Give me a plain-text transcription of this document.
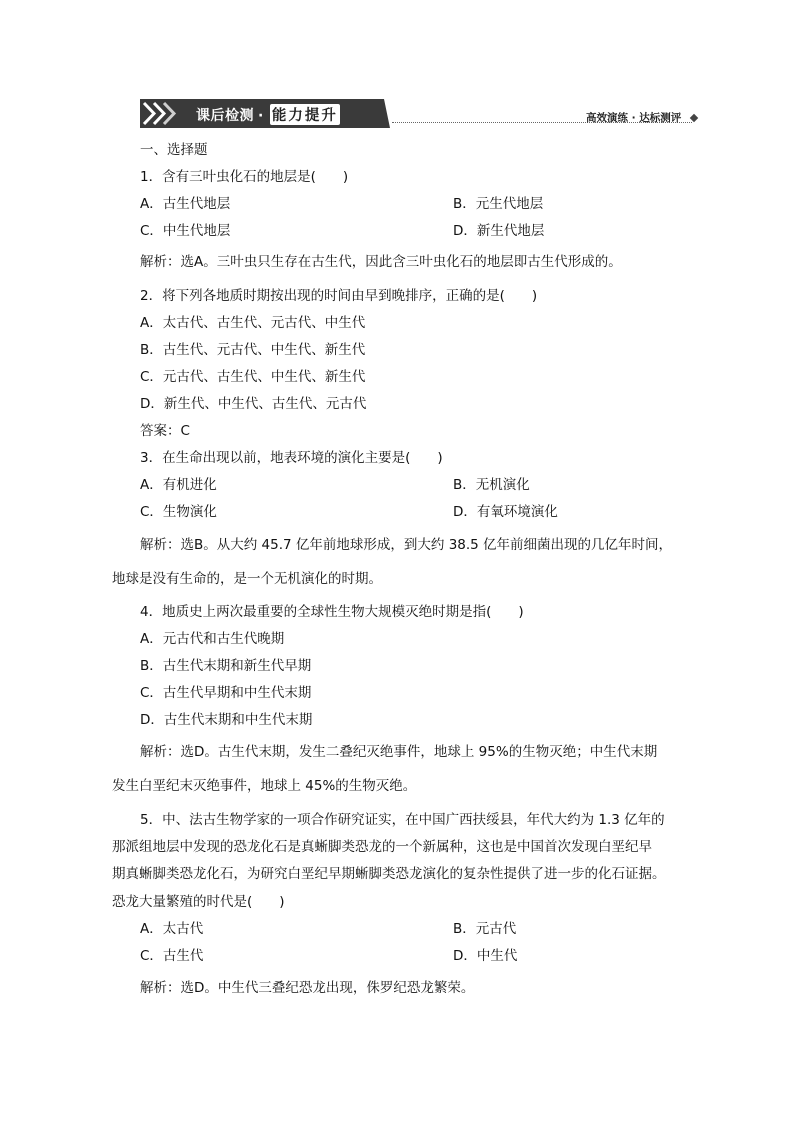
课后检测 · 能力提升	高效演练 · 达标测评
一、选择题
1．含有三叶虫化石的地层是(　　)
A．古生代地层	B．元生代地层
C．中生代地层	D．新生代地层
解析：选A。三叶虫只生存在古生代，因此含三叶虫化石的地层即古生代形成的。
2．将下列各地质时期按出现的时间由早到晚排序，正确的是(　　)
A．太古代、古生代、元古代、中生代
B．古生代、元古代、中生代、新生代
C．元古代、古生代、中生代、新生代
D．新生代、中生代、古生代、元古代
答案：C
3．在生命出现以前，地表环境的演化主要是(　　)
A．有机进化	B．无机演化
C．生物演化	D．有氧环境演化
解析：选B。从大约 45.7 亿年前地球形成，到大约 38.5 亿年前细菌出现的几亿年时间，
地球是没有生命的，是一个无机演化的时期。
4．地质史上两次最重要的全球性生物大规模灭绝时期是指(　　)
A．元古代和古生代晚期
B．古生代末期和新生代早期
C．古生代早期和中生代末期
D．古生代末期和中生代末期
解析：选D。古生代末期，发生二叠纪灭绝事件，地球上 95%的生物灭绝；中生代末期
发生白垩纪末灭绝事件，地球上 45%的生物灭绝。
5．中、法古生物学家的一项合作研究证实，在中国广西扶绥县，年代大约为 1.3 亿年的
那派组地层中发现的恐龙化石是真蜥脚类恐龙的一个新属种，这也是中国首次发现白垩纪早
期真蜥脚类恐龙化石，为研究白垩纪早期蜥脚类恐龙演化的复杂性提供了进一步的化石证据。
恐龙大量繁殖的时代是(　　)
A．太古代	B．元古代
C．古生代	D．中生代
解析：选D。中生代三叠纪恐龙出现，侏罗纪恐龙繁荣。
